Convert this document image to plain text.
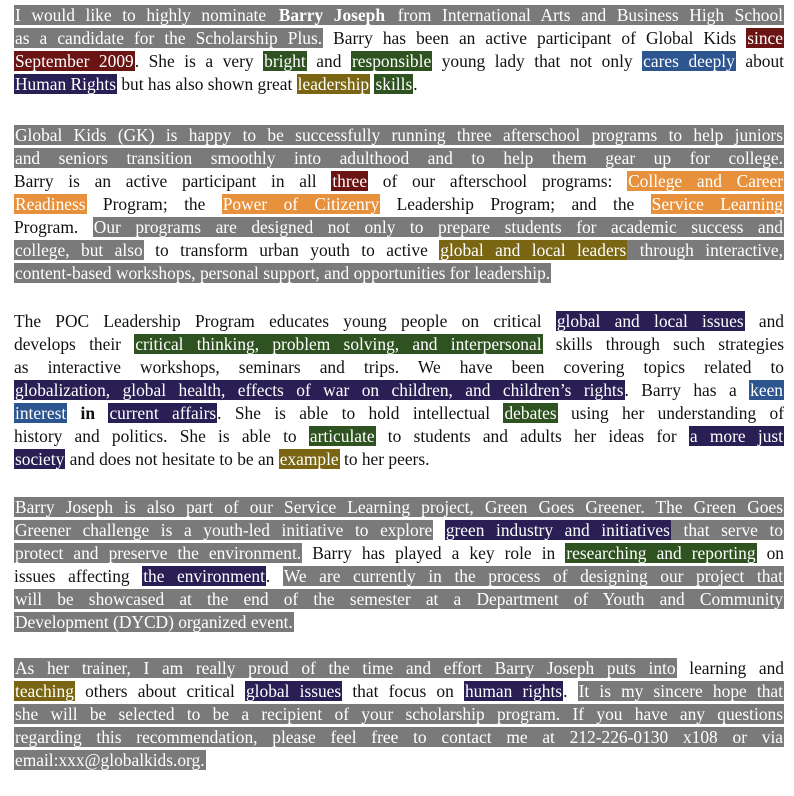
I would like to highly nominate Barry Joseph from International Arts and Business High School
as a candidate for the Scholarship Plus. Barry has been an active participant of Global Kids since
September 2009. She is a very bright and responsible young lady that not only cares deeply about
Human Rights but has also shown great leadership skills.
Global Kids (GK) is happy to be successfully running three afterschool programs to help juniors
and seniors transition smoothly into adulthood and to help them gear up for college.
Barry is an active participant in all three of our afterschool programs: College and Career
Readiness Program; the Power of Citizenry Leadership Program; and the Service Learning
Program. Our programs are designed not only to prepare students for academic success and
college, but also to transform urban youth to active global and local leaders through interactive,
content-based workshops, personal support, and opportunities for leadership.
The POC Leadership Program educates young people on critical global and local issues and
develops their critical thinking, problem solving, and interpersonal skills through such strategies
as interactive workshops, seminars and trips. We have been covering topics related to
globalization, global health, effects of war on children, and children’s rights. Barry has a keen
interest in current affairs. She is able to hold intellectual debates using her understanding of
history and politics. She is able to articulate to students and adults her ideas for a more just
society and does not hesitate to be an example to her peers.
Barry Joseph is also part of our Service Learning project, Green Goes Greener. The Green Goes
Greener challenge is a youth-led initiative to explore green industry and initiatives that serve to
protect and preserve the environment. Barry has played a key role in researching and reporting on
issues affecting the environment. We are currently in the process of designing our project that
will be showcased at the end of the semester at a Department of Youth and Community
Development (DYCD) organized event.
As her trainer, I am really proud of the time and effort Barry Joseph puts into learning and
teaching others about critical global issues that focus on human rights. It is my sincere hope that
she will be selected to be a recipient of your scholarship program. If you have any questions
regarding this recommendation, please feel free to contact me at 212-226-0130 x108 or via
email:xxx@globalkids.org.
